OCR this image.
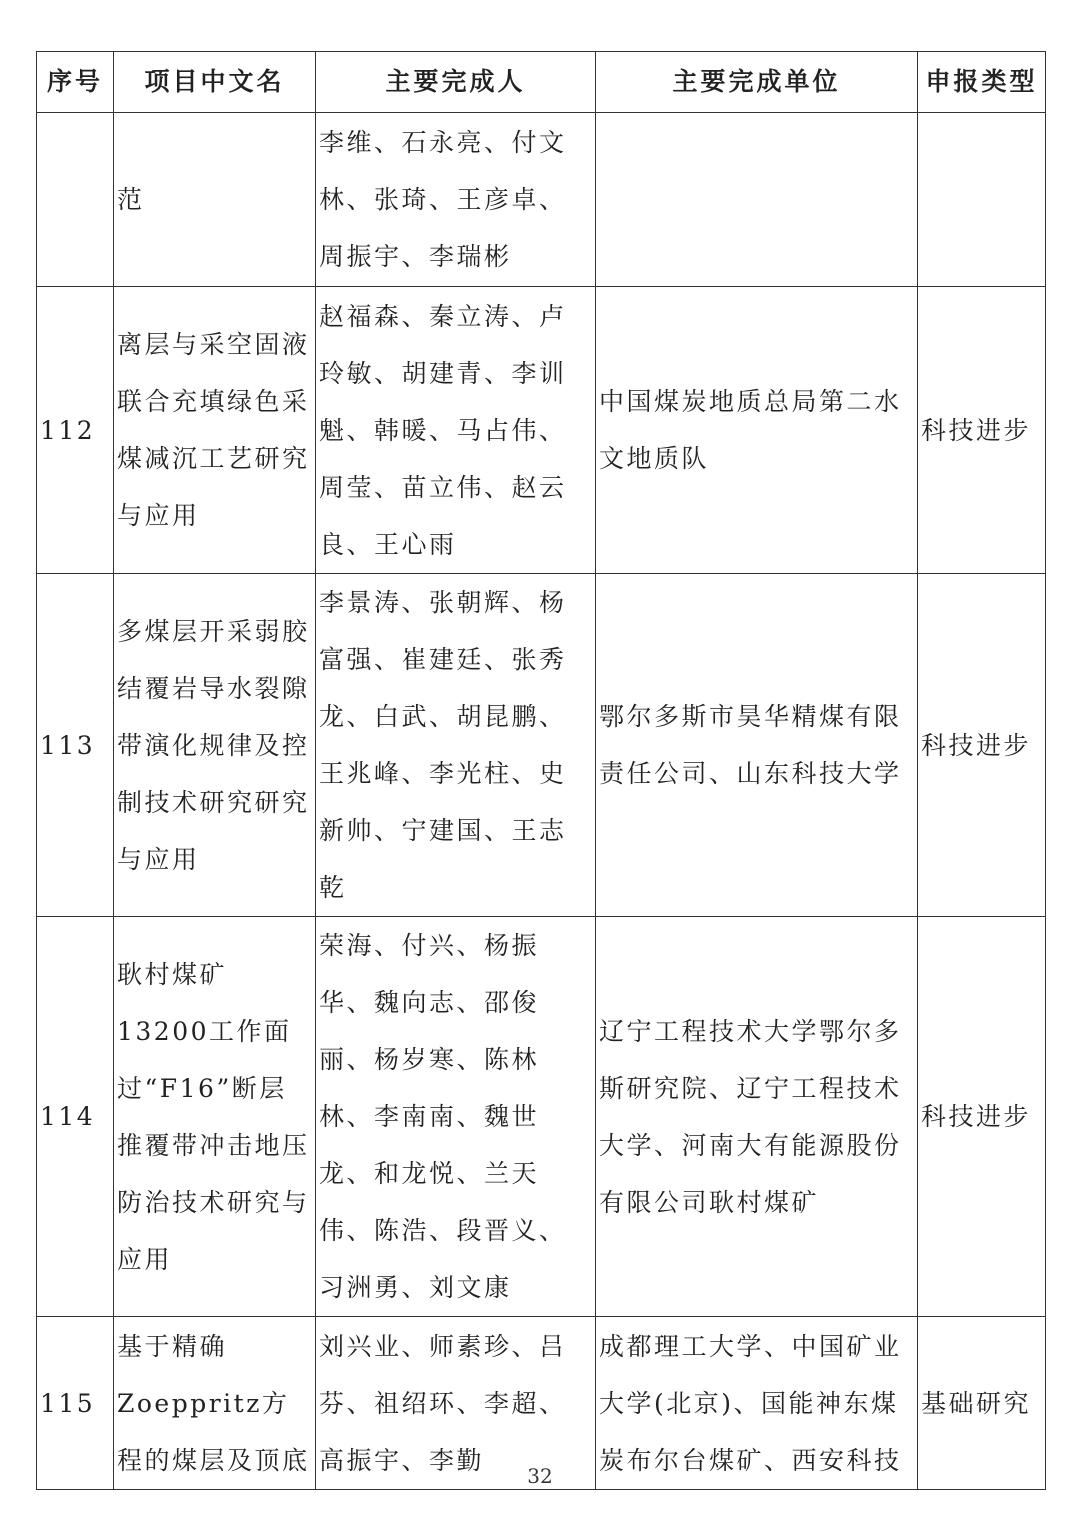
序号	项目中文名	主要完成人	主要完成单位	申报类型
	范	李维、石永亮、付文林、张琦、王彦卓、周振宇、李瑞彬		
112	离层与采空固液联合充填绿色采煤减沉工艺研究与应用	赵福森、秦立涛、卢玲敏、胡建青、李训魁、韩暖、马占伟、周莹、苗立伟、赵云良、王心雨	中国煤炭地质总局第二水文地质队	科技进步
113	多煤层开采弱胶结覆岩导水裂隙带演化规律及控制技术研究研究与应用	李景涛、张朝辉、杨富强、崔建廷、张秀龙、白武、胡昆鹏、王兆峰、李光柱、史新帅、宁建国、王志乾	鄂尔多斯市昊华精煤有限责任公司、山东科技大学	科技进步
114	耿村煤矿13200工作面过“F16”断层推覆带冲击地压防治技术研究与应用	荣海、付兴、杨振华、魏向志、邵俊丽、杨岁寒、陈林林、李南南、魏世龙、和龙悦、兰天伟、陈浩、段晋义、习洲勇、刘文康	辽宁工程技术大学鄂尔多斯研究院、辽宁工程技术大学、河南大有能源股份有限公司耿村煤矿	科技进步
115	基于精确Zoeppritz方程的煤层及顶底	刘兴业、师素珍、吕芬、祖绍环、李超、高振宇、李勤	成都理工大学、中国矿业大学(北京)、国能神东煤炭布尔台煤矿、西安科技	基础研究
32
